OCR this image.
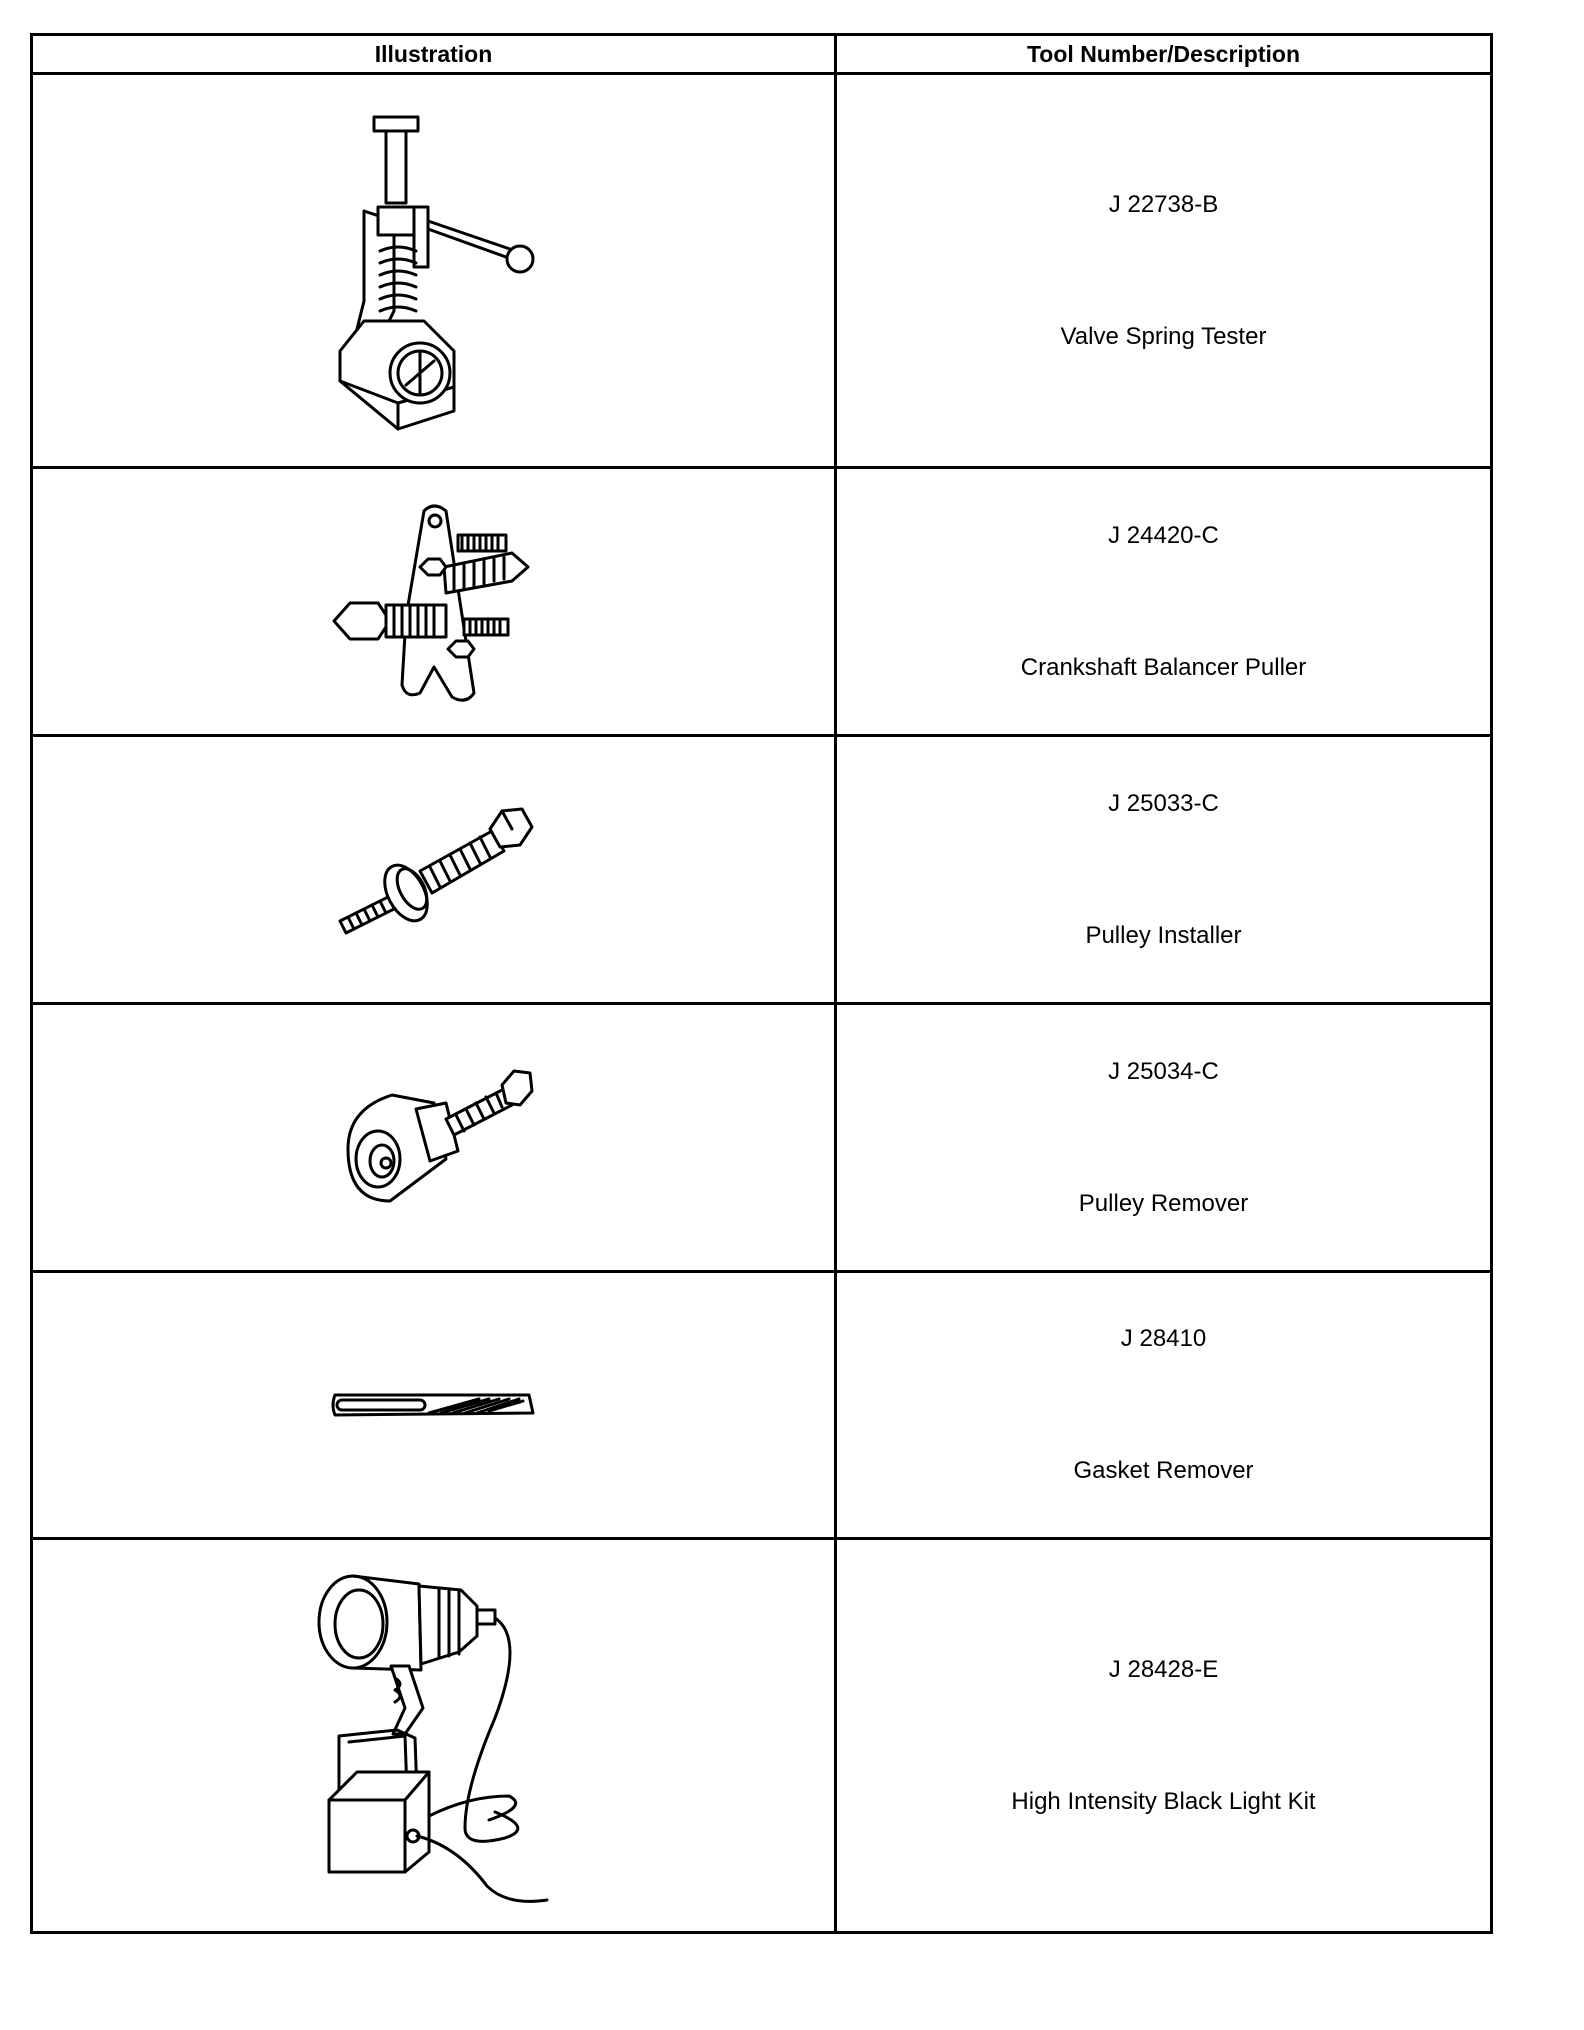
Illustration	Tool Number/Description

J 22738-B
Valve Spring Tester

J 24420-C
Crankshaft Balancer Puller

J 25033-C
Pulley Installer

J 25034-C
Pulley Remover

J 28410
Gasket Remover

J 28428-E
High Intensity Black Light Kit
